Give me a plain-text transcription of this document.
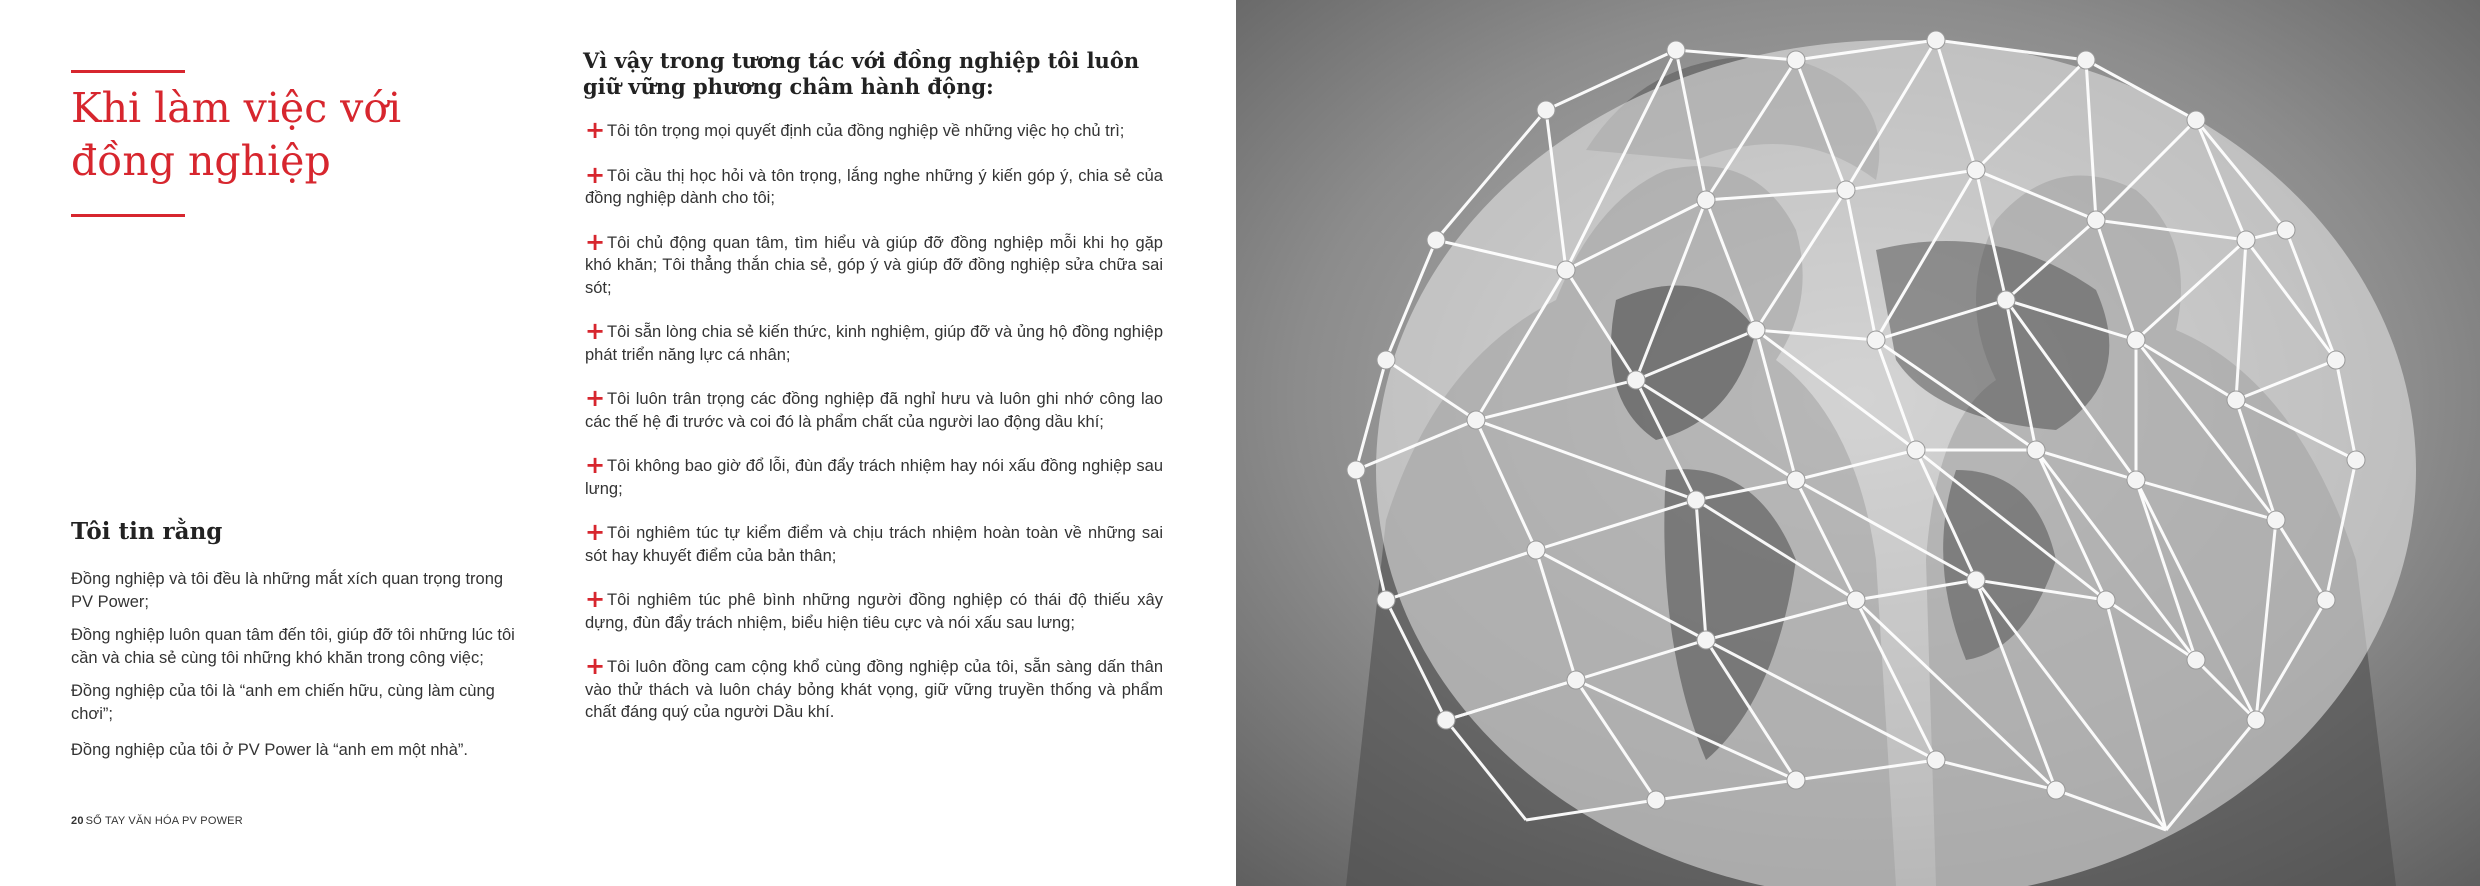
Khi làm việc với đồng nghiệp
Tôi tin rằng

Đồng nghiệp và tôi đều là những mắt xích quan trọng trong PV Power;

Đồng nghiệp luôn quan tâm đến tôi, giúp đỡ tôi những lúc tôi cần và chia sẻ cùng tôi những khó khăn trong công việc;

Đồng nghiệp của tôi là “anh em chiến hữu, cùng làm cùng chơi”;

Đồng nghiệp của tôi ở PV Power là “anh em một nhà”.

20 SỔ TAY VĂN HÓA PV POWER
Vì vậy trong tương tác với đồng nghiệp tôi luôn giữ vững phương châm hành động:
+ Tôi tôn trọng mọi quyết định của đồng nghiệp về những việc họ chủ trì;
+ Tôi cầu thị học hỏi và tôn trọng, lắng nghe những ý kiến góp ý, chia sẻ của đồng nghiệp dành cho tôi;
+ Tôi chủ động quan tâm, tìm hiểu và giúp đỡ đồng nghiệp mỗi khi họ gặp khó khăn; Tôi thẳng thắn chia sẻ, góp ý và giúp đỡ đồng nghiệp sửa chữa sai sót;
+ Tôi sẵn lòng chia sẻ kiến thức, kinh nghiệm, giúp đỡ và ủng hộ đồng nghiệp phát triển năng lực cá nhân;
+ Tôi luôn trân trọng các đồng nghiệp đã nghỉ hưu và luôn ghi nhớ công lao các thế hệ đi trước và coi đó là phẩm chất của người lao động dầu khí;
+ Tôi không bao giờ đổ lỗi, đùn đẩy trách nhiệm hay nói xấu đồng nghiệp sau lưng;
+ Tôi nghiêm túc tự kiểm điểm và chịu trách nhiệm hoàn toàn về những sai sót hay khuyết điểm của bản thân;
+ Tôi nghiêm túc phê bình những người đồng nghiệp có thái độ thiếu xây dựng, đùn đẩy trách nhiệm, biểu hiện tiêu cực và nói xấu sau lưng;
+ Tôi luôn đồng cam cộng khổ cùng đồng nghiệp của tôi, sẵn sàng dấn thân vào thử thách và luôn cháy bỏng khát vọng, giữ vững truyền thống và phẩm chất đáng quý của người Dầu khí.
